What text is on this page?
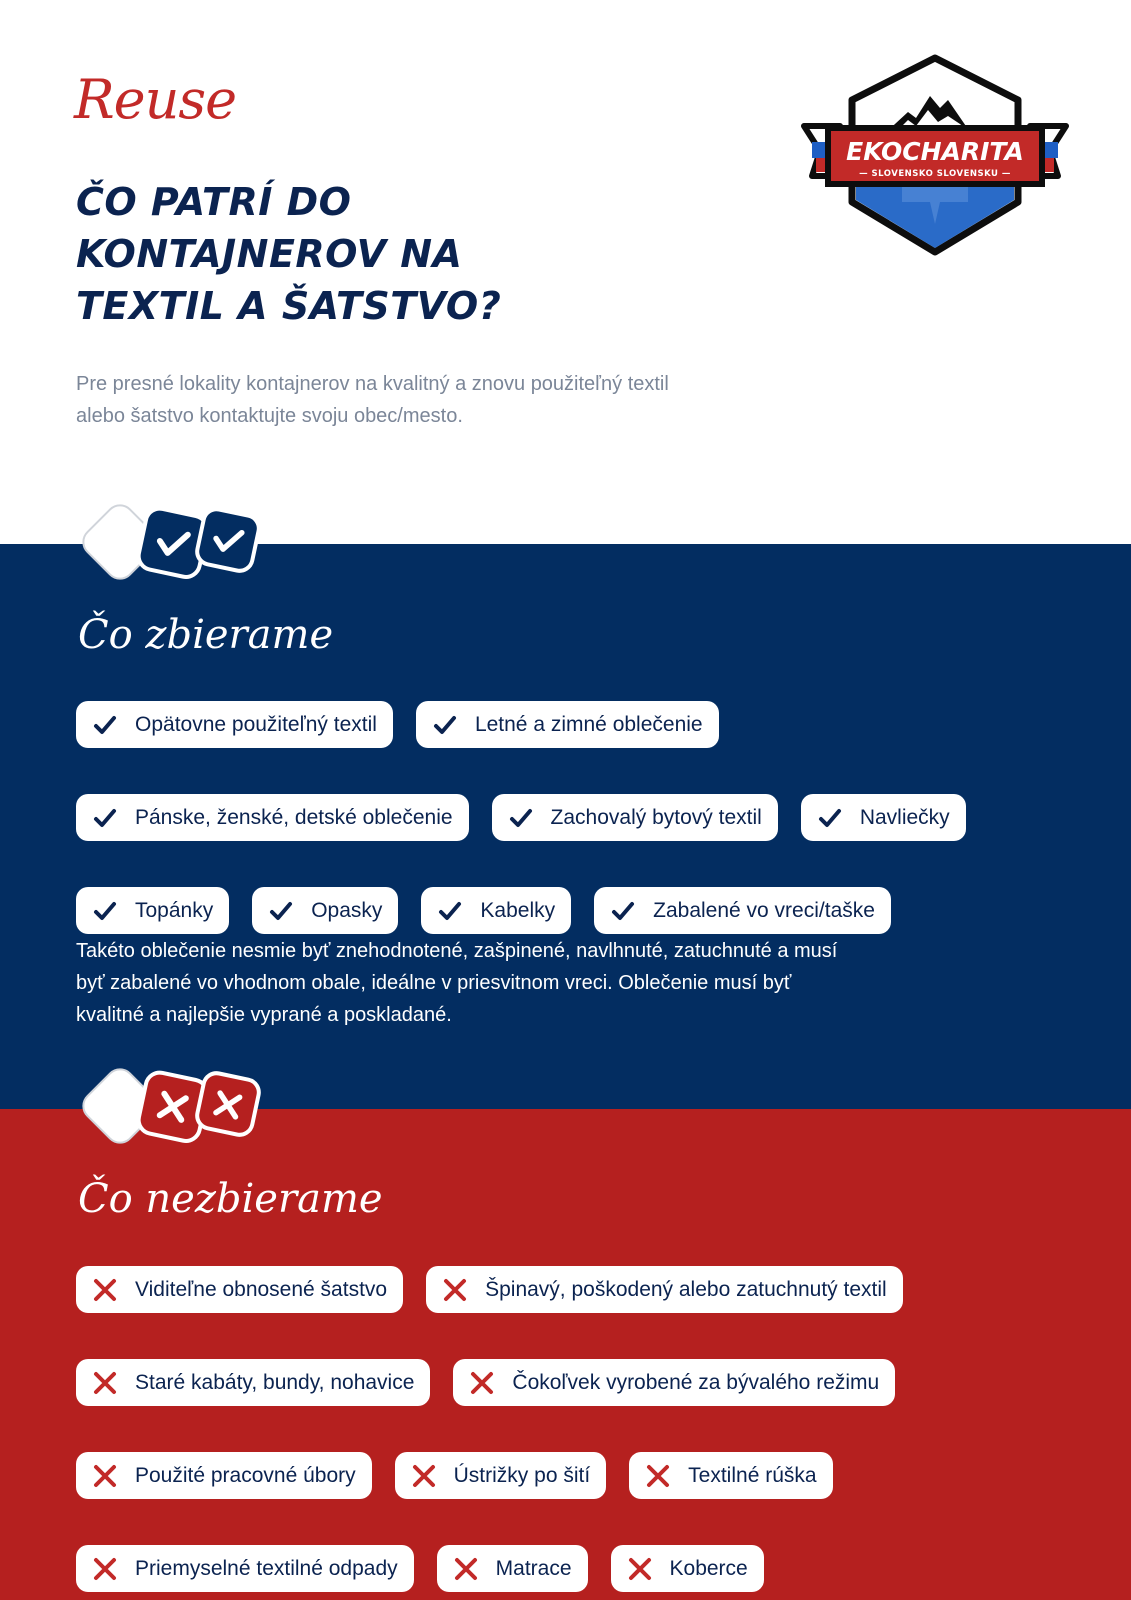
Reuse
ČO PATRÍ DO
KONTAJNEROV NA
TEXTIL A ŠATSTVO?
Pre presné lokality kontajnerov na kvalitný a znovu použiteľný textil alebo šatstvo kontaktujte svoju obec/mesto.
EKOCHARITA
— SLOVENSKO SLOVENSKU —
Čo zbierame
Opätovne použiteľný textil	Letné a zimné oblečenie
Pánske, ženské, detské oblečenie	Zachovalý bytový textil	Navliečky
Topánky	Opasky	Kabelky	Zabalené vo vreci/taške
Takéto oblečenie nesmie byť znehodnotené, zašpinené, navlhnuté, zatuchnuté a musí byť zabalené vo vhodnom obale, ideálne v priesvitnom vreci. Oblečenie musí byť kvalitné a najlepšie vyprané a poskladané.
Čo nezbierame
Viditeľne obnosené šatstvo	Špinavý, poškodený alebo zatuchnutý textil
Staré kabáty, bundy, nohavice	Čokoľvek vyrobené za bývalého režimu
Použité pracovné úbory	Ústrižky po šití	Textilné rúška
Priemyselné textilné odpady	Matrace	Koberce
